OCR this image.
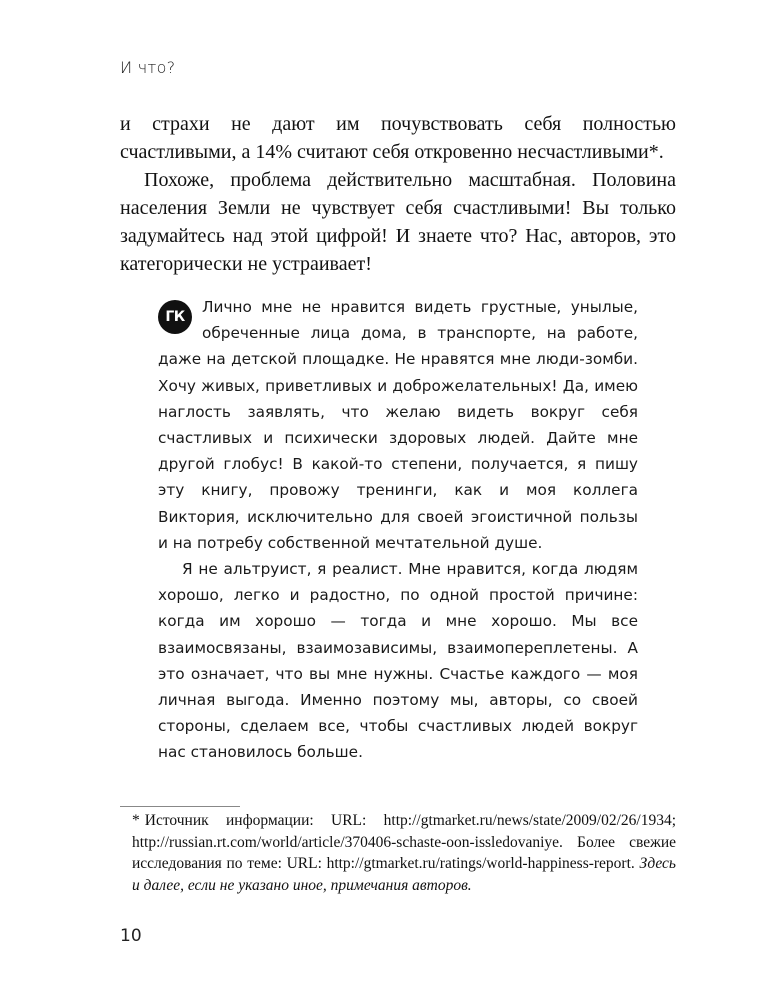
И что?

и страхи не дают им почувствовать себя полностью счастливыми, а 14% считают себя откровенно несчастливыми*.

Похоже, проблема действительно масштабная. Половина населения Земли не чувствует себя счастливыми! Вы только задумайтесь над этой цифрой! И знаете что? Нас, авторов, это категорически не устраивает!

ГК

Лично мне не нравится видеть грустные, унылые, обреченные лица дома, в транспорте, на работе, даже на детской площадке. Не нравятся мне люди-зомби. Хочу живых, приветливых и доброжелательных! Да, имею наглость заявлять, что желаю видеть вокруг себя счастливых и психически здоровых людей. Дайте мне другой глобус! В какой-то степени, получается, я пишу эту книгу, провожу тренинги, как и моя коллега Виктория, исключительно для своей эгоистичной пользы и на потребу собственной мечтательной душе.

Я не альтруист, я реалист. Мне нравится, когда людям хорошо, легко и радостно, по одной простой причине: когда им хорошо — тогда и мне хорошо. Мы все взаимосвязаны, взаимозависимы, взаимопереплетены. А это означает, что вы мне нужны. Счастье каждого — моя личная выгода. Именно поэтому мы, авторы, со своей стороны, сделаем все, чтобы счастливых людей вокруг нас становилось больше.

* Источник информации: URL: http://gtmarket.ru/news/state/2009/02/26/1934; http://russian.rt.com/world/article/370406-schaste-oon-issledovaniye. Более свежие исследования по теме: URL: http://gtmarket.ru/ratings/world-happiness-report. Здесь и далее, если не указано иное, примечания авторов.
10
